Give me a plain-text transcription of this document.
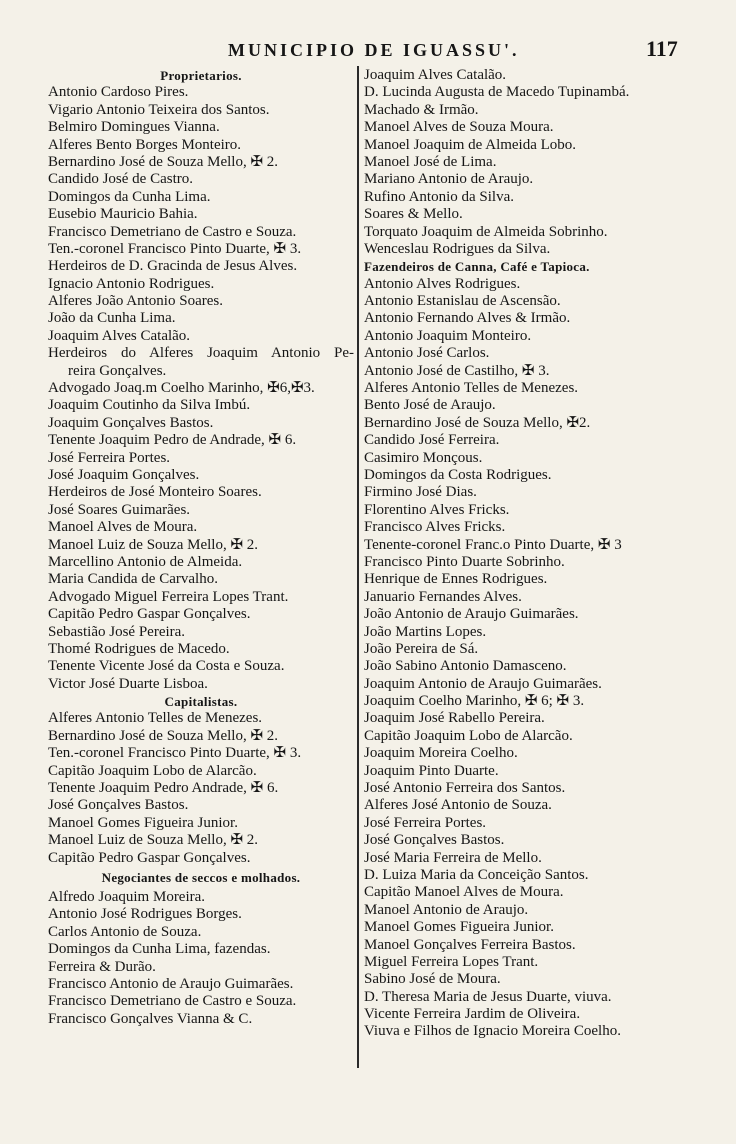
MUNICIPIO DE IGUASSU'.	117
Proprietarios.
Antonio Cardoso Pires.
Vigario Antonio Teixeira dos Santos.
Belmiro Domingues Vianna.
Alferes Bento Borges Monteiro.
Bernardino José de Souza Mello, ✠ 2.
Candido José de Castro.
Domingos da Cunha Lima.
Eusebio Mauricio Bahia.
Francisco Demetriano de Castro e Souza.
Ten.-coronel Francisco Pinto Duarte, ✠ 3.
Herdeiros de D. Gracinda de Jesus Alves.
Ignacio Antonio Rodrigues.
Alferes João Antonio Soares.
João da Cunha Lima.
Joaquim Alves Catalão.
Herdeiros do Alferes Joaquim Antonio Pe-
reira Gonçalves.
Advogado Joaq.m Coelho Marinho, ✠6,✠3.
Joaquim Coutinho da Silva Imbú.
Joaquim Gonçalves Bastos.
Tenente Joaquim Pedro de Andrade, ✠ 6.
José Ferreira Portes.
José Joaquim Gonçalves.
Herdeiros de José Monteiro Soares.
José Soares Guimarães.
Manoel Alves de Moura.
Manoel Luiz de Souza Mello, ✠ 2.
Marcellino Antonio de Almeida.
Maria Candida de Carvalho.
Advogado Miguel Ferreira Lopes Trant.
Capitão Pedro Gaspar Gonçalves.
Sebastião José Pereira.
Thomé Rodrigues de Macedo.
Tenente Vicente José da Costa e Souza.
Victor José Duarte Lisboa.
Capitalistas.
Alferes Antonio Telles de Menezes.
Bernardino José de Souza Mello, ✠ 2.
Ten.-coronel Francisco Pinto Duarte, ✠ 3.
Capitão Joaquim Lobo de Alarcão.
Tenente Joaquim Pedro Andrade, ✠ 6.
José Gonçalves Bastos.
Manoel Gomes Figueira Junior.
Manoel Luiz de Souza Mello, ✠ 2.
Capitão Pedro Gaspar Gonçalves.
Negociantes de seccos e molhados.
Alfredo Joaquim Moreira.
Antonio José Rodrigues Borges.
Carlos Antonio de Souza.
Domingos da Cunha Lima, fazendas.
Ferreira & Durão.
Francisco Antonio de Araujo Guimarães.
Francisco Demetriano de Castro e Souza.
Francisco Gonçalves Vianna & C.
Joaquim Alves Catalão.
D. Lucinda Augusta de Macedo Tupinambá.
Machado & Irmão.
Manoel Alves de Souza Moura.
Manoel Joaquim de Almeida Lobo.
Manoel José de Lima.
Mariano Antonio de Araujo.
Rufino Antonio da Silva.
Soares & Mello.
Torquato Joaquim de Almeida Sobrinho.
Wenceslau Rodrigues da Silva.
Fazendeiros de Canna, Café e Tapioca.
Antonio Alves Rodrigues.
Antonio Estanislau de Ascensão.
Antonio Fernando Alves & Irmão.
Antonio Joaquim Monteiro.
Antonio José Carlos.
Antonio José de Castilho, ✠ 3.
Alferes Antonio Telles de Menezes.
Bento José de Araujo.
Bernardino José de Souza Mello, ✠2.
Candido José Ferreira.
Casimiro Monçous.
Domingos da Costa Rodrigues.
Firmino José Dias.
Florentino Alves Fricks.
Francisco Alves Fricks.
Tenente-coronel Franc.o Pinto Duarte, ✠ 3
Francisco Pinto Duarte Sobrinho.
Henrique de Ennes Rodrigues.
Januario Fernandes Alves.
João Antonio de Araujo Guimarães.
João Martins Lopes.
João Pereira de Sá.
João Sabino Antonio Damasceno.
Joaquim Antonio de Araujo Guimarães.
Joaquim Coelho Marinho, ✠ 6; ✠ 3.
Joaquim José Rabello Pereira.
Capitão Joaquim Lobo de Alarcão.
Joaquim Moreira Coelho.
Joaquim Pinto Duarte.
José Antonio Ferreira dos Santos.
Alferes José Antonio de Souza.
José Ferreira Portes.
José Gonçalves Bastos.
José Maria Ferreira de Mello.
D. Luiza Maria da Conceição Santos.
Capitão Manoel Alves de Moura.
Manoel Antonio de Araujo.
Manoel Gomes Figueira Junior.
Manoel Gonçalves Ferreira Bastos.
Miguel Ferreira Lopes Trant.
Sabino José de Moura.
D. Theresa Maria de Jesus Duarte, viuva.
Vicente Ferreira Jardim de Oliveira.
Viuva e Filhos de Ignacio Moreira Coelho.
